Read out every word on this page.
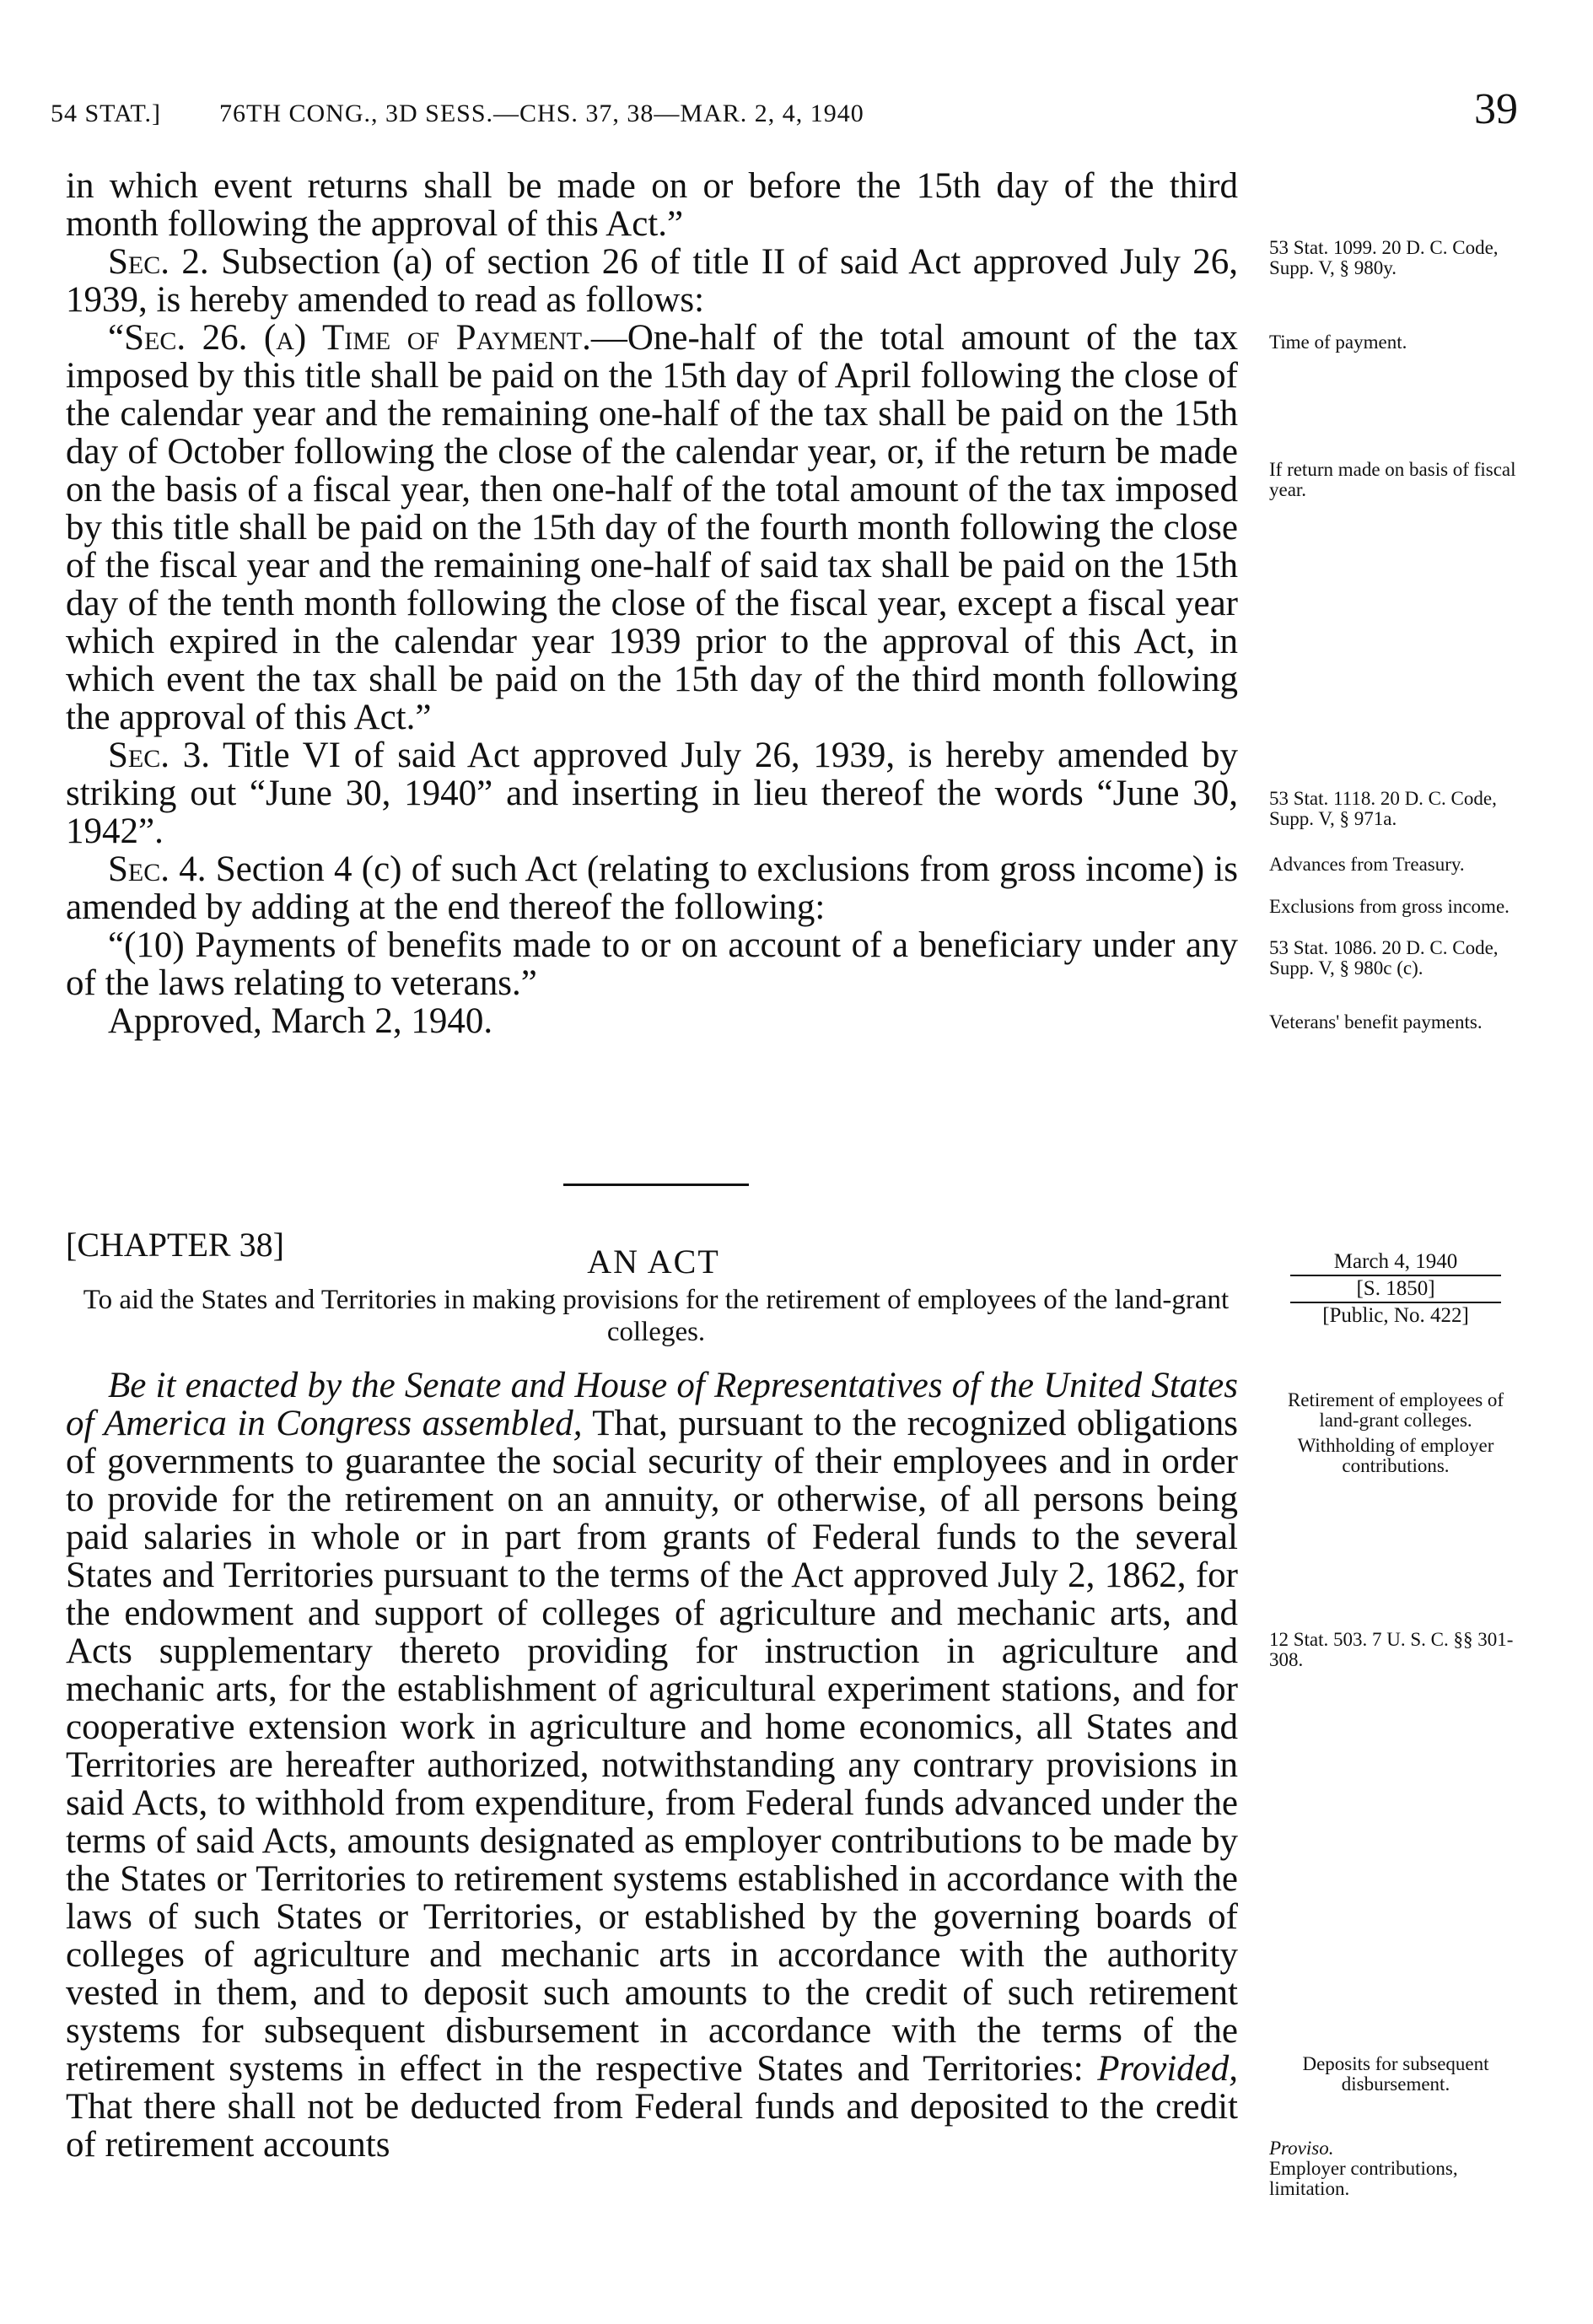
54 STAT.] 76TH CONG., 3D SESS.—CHS. 37, 38—MAR. 2, 4, 1940	39

in which event returns shall be made on or before the 15th day of the third month following the approval of this Act.”

Sec. 2. Subsection (a) of section 26 of title II of said Act approved July 26, 1939, is hereby amended to read as follows:

“Sec. 26. (a) Time of Payment.—One-half of the total amount of the tax imposed by this title shall be paid on the 15th day of April following the close of the calendar year and the remaining one-half of the tax shall be paid on the 15th day of October following the close of the calendar year, or, if the return be made on the basis of a fiscal year, then one-half of the total amount of the tax imposed by this title shall be paid on the 15th day of the fourth month following the close of the fiscal year and the remaining one-half of said tax shall be paid on the 15th day of the tenth month following the close of the fiscal year, except a fiscal year which expired in the calendar year 1939 prior to the approval of this Act, in which event the tax shall be paid on the 15th day of the third month following the approval of this Act.”

Sec. 3. Title VI of said Act approved July 26, 1939, is hereby amended by striking out “June 30, 1940” and inserting in lieu thereof the words “June 30, 1942”.

Sec. 4. Section 4 (c) of such Act (relating to exclusions from gross income) is amended by adding at the end thereof the following:

“(10) Payments of benefits made to or on account of a beneficiary under any of the laws relating to veterans.”

Approved, March 2, 1940.

53 Stat. 1099. 20 D. C. Code, Supp. V, § 980y.
Time of payment.
If return made on basis of fiscal year.
53 Stat. 1118. 20 D. C. Code, Supp. V, § 971a.
Advances from Treasury.
Exclusions from gross income.
53 Stat. 1086. 20 D. C. Code, Supp. V, § 980c (c).
Veterans' benefit payments.
[CHAPTER 38]	AN ACT
To aid the States and Territories in making provisions for the retirement of employees of the land-grant colleges.
March 4, 1940
[S. 1850]
[Public, No. 422]

Be it enacted by the Senate and House of Representatives of the United States of America in Congress assembled, That, pursuant to the recognized obligations of governments to guarantee the social security of their employees and in order to provide for the retirement on an annuity, or otherwise, of all persons being paid salaries in whole or in part from grants of Federal funds to the several States and Territories pursuant to the terms of the Act approved July 2, 1862, for the endowment and support of colleges of agriculture and mechanic arts, and Acts supplementary thereto providing for instruction in agriculture and mechanic arts, for the establishment of agricultural experiment stations, and for cooperative extension work in agriculture and home economics, all States and Territories are hereafter authorized, notwithstanding any contrary provisions in said Acts, to withhold from expenditure, from Federal funds advanced under the terms of said Acts, amounts designated as employer contributions to be made by the States or Territories to retirement systems established in accordance with the laws of such States or Territories, or established by the governing boards of colleges of agriculture and mechanic arts in accordance with the authority vested in them, and to deposit such amounts to the credit of such retirement systems for subsequent disbursement in accordance with the terms of the retirement systems in effect in the respective States and Territories: Provided, That there shall not be deducted from Federal funds and deposited to the credit of retirement accounts

Retirement of employees of land-grant colleges.
Withholding of employer contributions.
12 Stat. 503. 7 U. S. C. §§ 301-308.
Deposits for subsequent disbursement.
Proviso.
Employer contributions, limitation.
